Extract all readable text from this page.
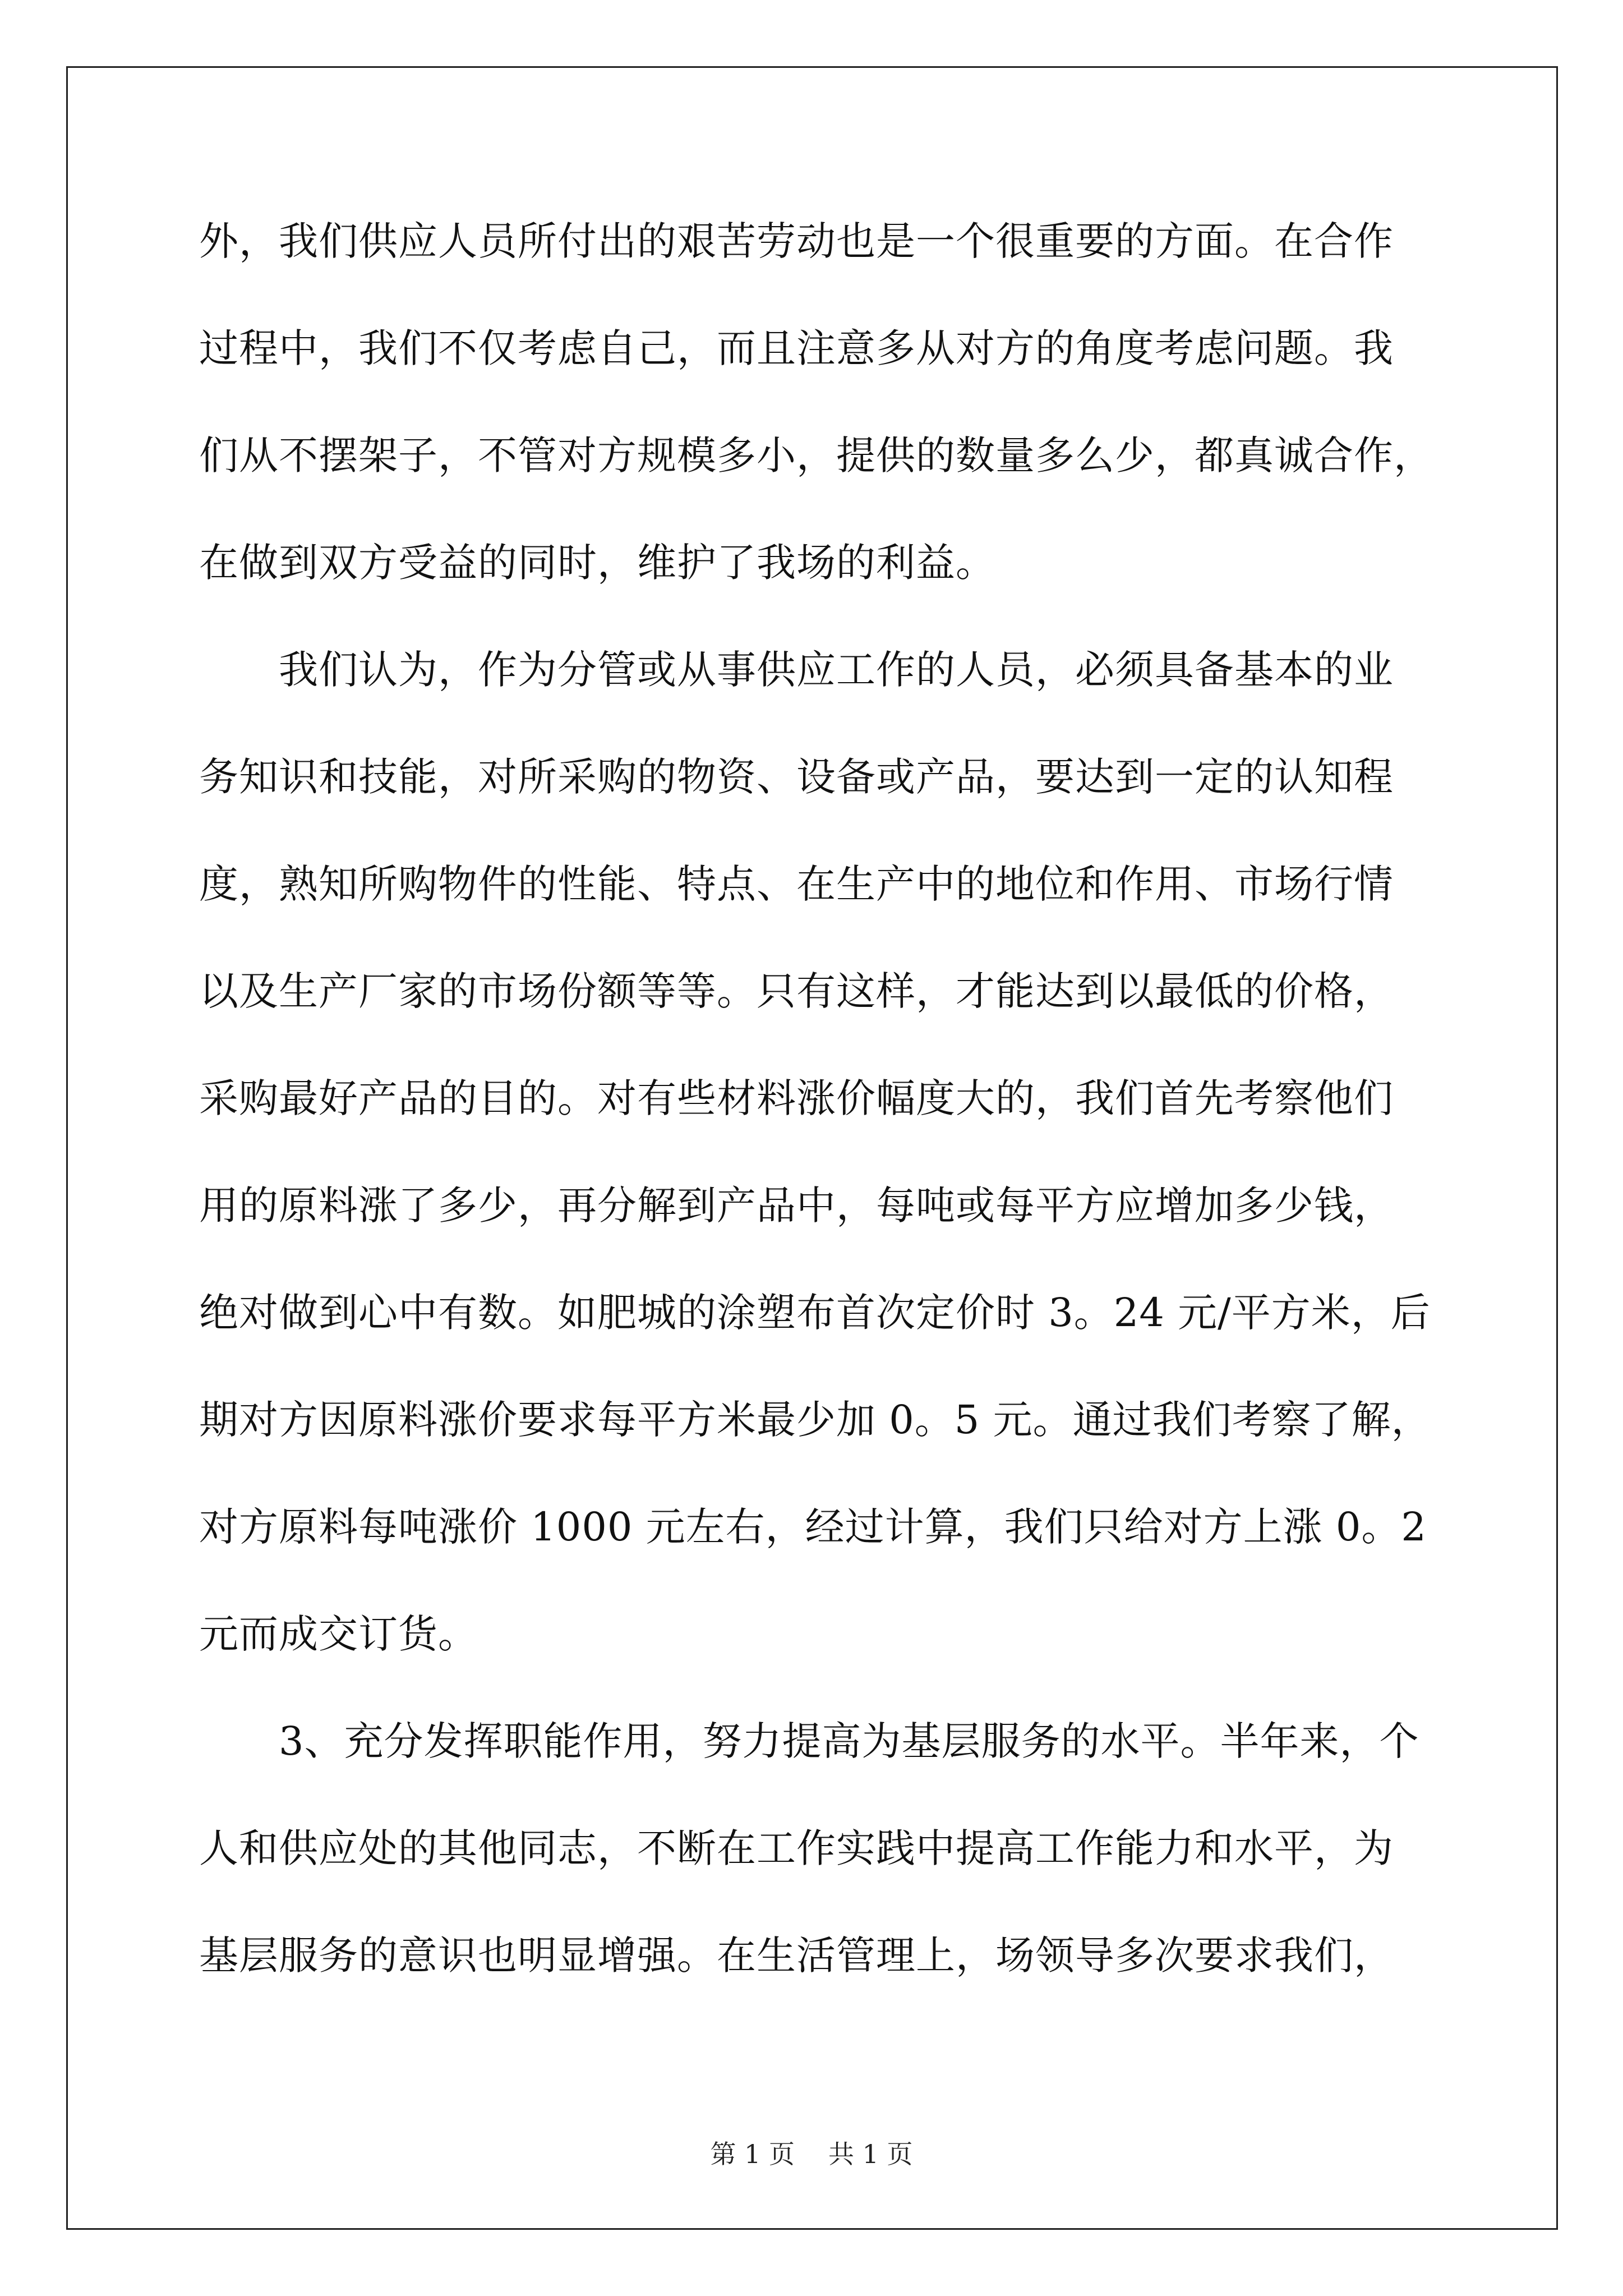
外，我们供应人员所付出的艰苦劳动也是一个很重要的方面。在合作
过程中，我们不仅考虑自己，而且注意多从对方的角度考虑问题。我
们从不摆架子，不管对方规模多小，提供的数量多么少，都真诚合作，
在做到双方受益的同时，维护了我场的利益。
　　我们认为，作为分管或从事供应工作的人员，必须具备基本的业
务知识和技能，对所采购的物资、设备或产品，要达到一定的认知程
度，熟知所购物件的性能、特点、在生产中的地位和作用、市场行情
以及生产厂家的市场份额等等。只有这样，才能达到以最低的价格，
采购最好产品的目的。对有些材料涨价幅度大的，我们首先考察他们
用的原料涨了多少，再分解到产品中，每吨或每平方应增加多少钱，
绝对做到心中有数。如肥城的涂塑布首次定价时 3。24 元/平方米，后
期对方因原料涨价要求每平方米最少加 0。5 元。通过我们考察了解，
对方原料每吨涨价 1000 元左右，经过计算，我们只给对方上涨 0。2
元而成交订货。
　　3、充分发挥职能作用，努力提高为基层服务的水平。半年来，个
人和供应处的其他同志，不断在工作实践中提高工作能力和水平，为
基层服务的意识也明显增强。在生活管理上，场领导多次要求我们，
第 1 页 共 1 页
